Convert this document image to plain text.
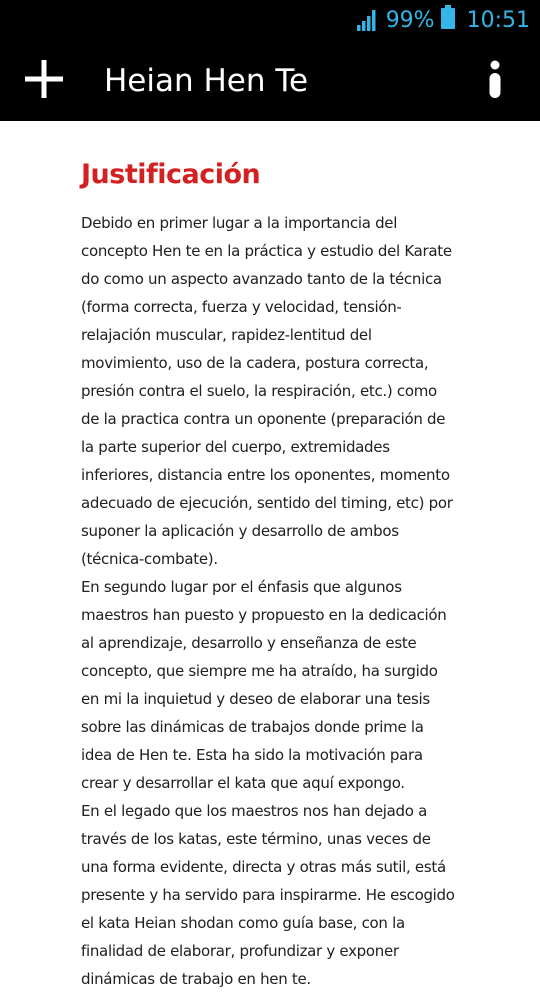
99% 10:51
Heian Hen Te
Justificación

Debido en primer lugar a la importancia del concepto Hen te en la práctica y estudio del Karate do como un aspecto avanzado tanto de la técnica (forma correcta, fuerza y velocidad, tensión-relajación muscular, rapidez-lentitud del movimiento, uso de la cadera, postura correcta, presión contra el suelo, la respiración, etc.) como de la practica contra un oponente (preparación de la parte superior del cuerpo, extremidades inferiores, distancia entre los oponentes, momento adecuado de ejecución, sentido del timing, etc) por suponer la aplicación y desarrollo de ambos (técnica-combate).

En segundo lugar por el énfasis que algunos maestros han puesto y propuesto en la dedicación al aprendizaje, desarrollo y enseñanza de este concepto, que siempre me ha atraído, ha surgido en mi la inquietud y deseo de elaborar una tesis sobre las dinámicas de trabajos donde prime la idea de Hen te. Esta ha sido la motivación para crear y desarrollar el kata que aquí expongo.

En el legado que los maestros nos han dejado a través de los katas, este término, unas veces de una forma evidente, directa y otras más sutil, está presente y ha servido para inspirarme. He escogido el kata Heian shodan como guía base, con la finalidad de elaborar, profundizar y exponer dinámicas de trabajo en hen te.
